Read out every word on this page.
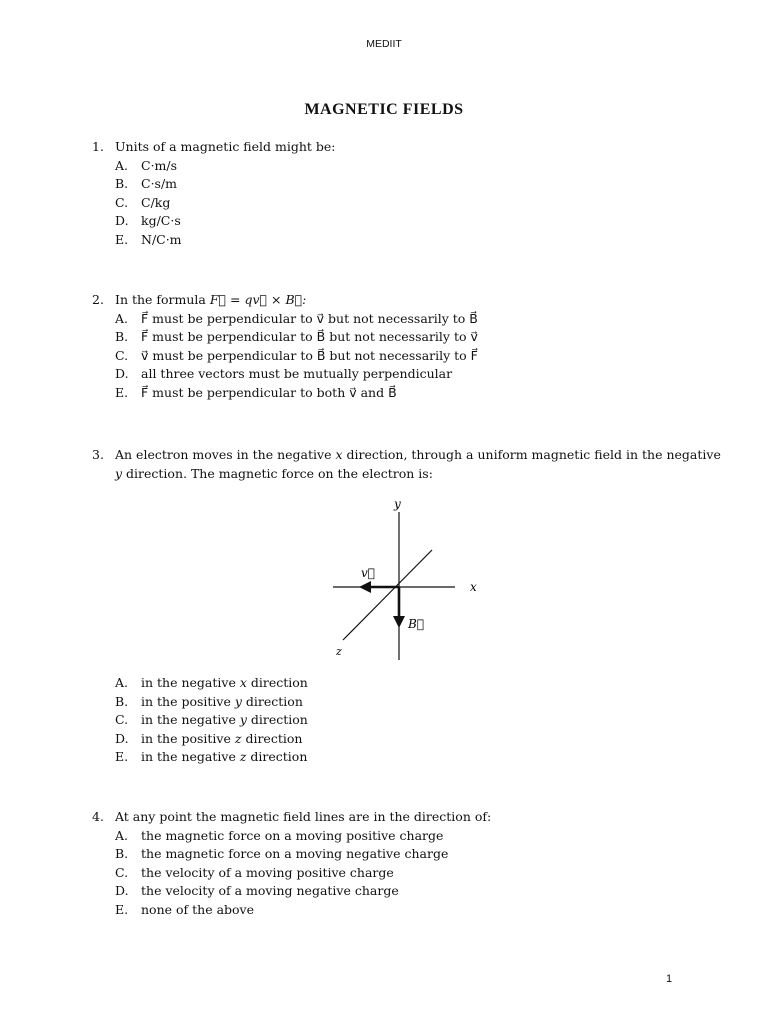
MEDIIT
MAGNETIC FIELDS
1. Units of a magnetic field might be:
A.	C·m/s
B.	C·s/m
C.	C/kg
D. kg/C·s
E.	N/C·m
2. In the formula F⃗ = qv⃗ × B⃗:
A.	F⃗ must be perpendicular to v⃗ but not necessarily to B⃗
B.	F⃗ must be perpendicular to B⃗ but not necessarily to v⃗
C.	v⃗ must be perpendicular to B⃗ but not necessarily to F⃗
D. all three vectors must be mutually perpendicular
E.	F⃗ must be perpendicular to both v⃗ and B⃗
3. An electron moves in the negative x direction, through a uniform magnetic field in the negative y direction. The magnetic force on the electron is:
y
x
z
v⃗
B⃗
A.	in the negative x direction
B.	in the positive y direction
C.	in the negative y direction
D. in the positive z direction
E.	in the negative z direction
4. At any point the magnetic field lines are in the direction of:
A.	the magnetic force on a moving positive charge
B.	the magnetic force on a moving negative charge
C.	the velocity of a moving positive charge
D. the velocity of a moving negative charge
E.	none of the above
1
